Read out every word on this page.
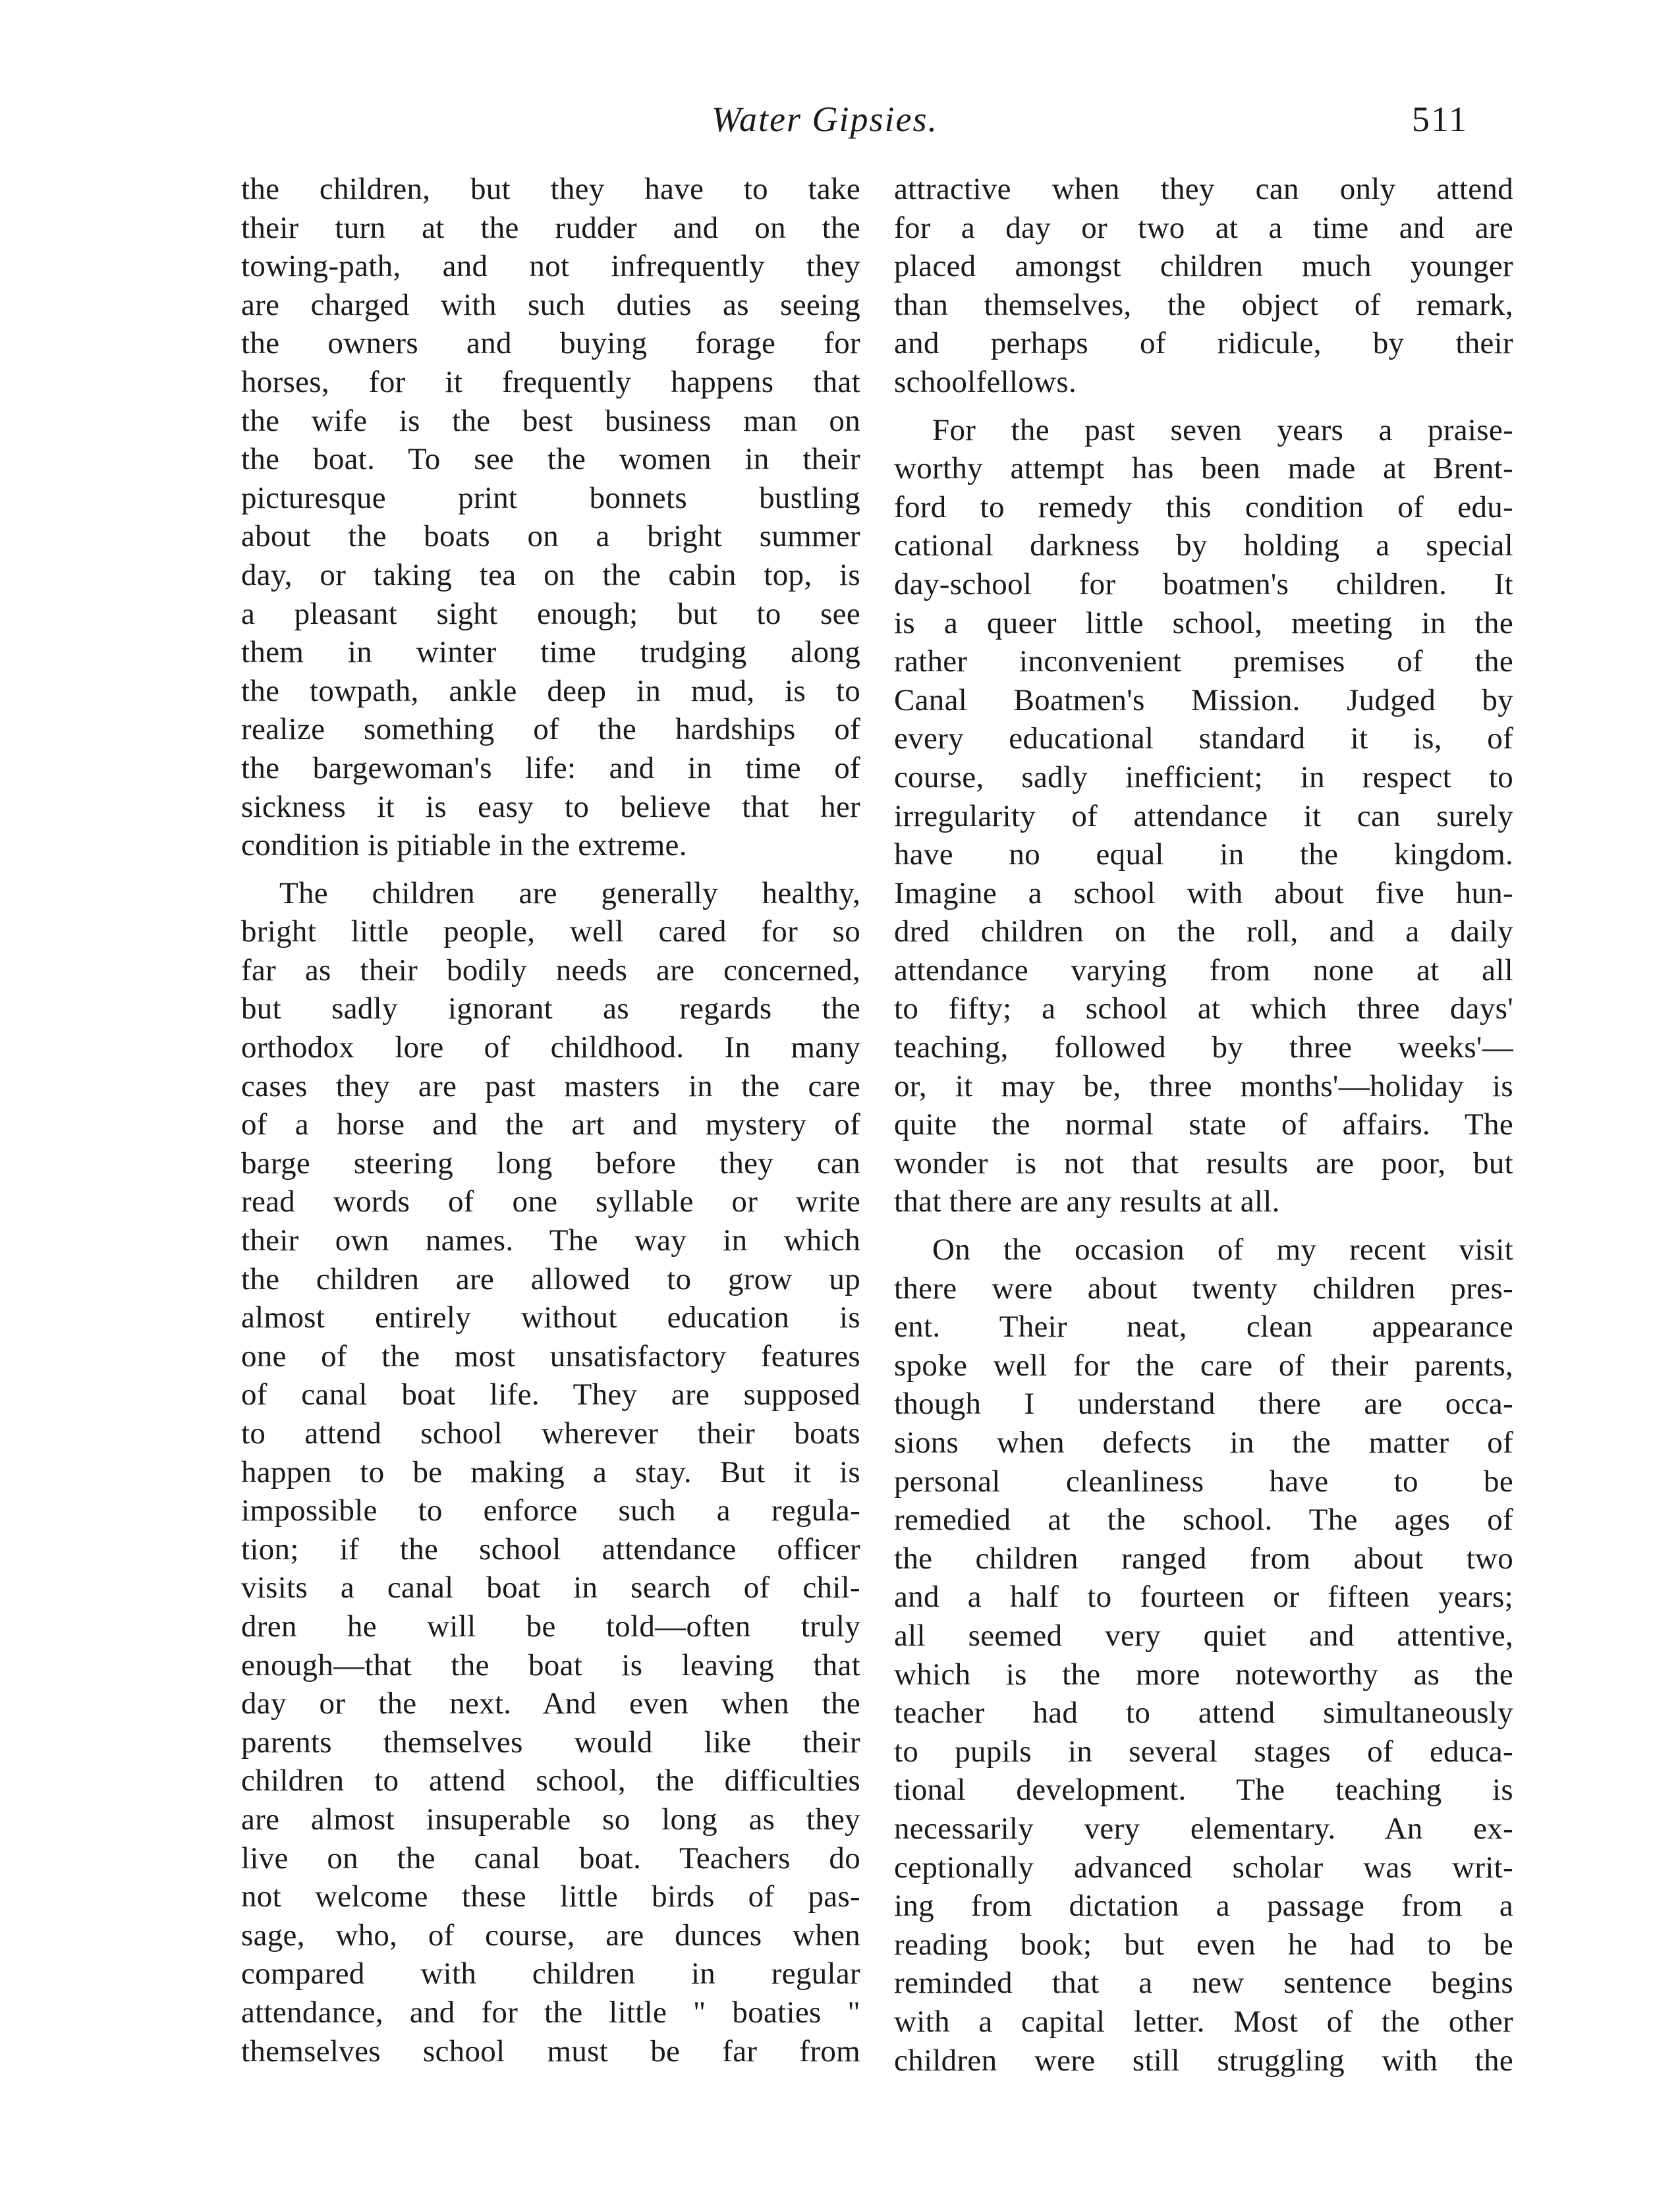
Water Gipsies.	511
the children, but they have to take
their turn at the rudder and on the
towing-path, and not infrequently they
are charged with such duties as seeing
the owners and buying forage for
horses, for it frequently happens that
the wife is the best business man on
the boat. To see the women in their
picturesque print bonnets bustling
about the boats on a bright summer
day, or taking tea on the cabin top, is
a pleasant sight enough; but to see
them in winter time trudging along
the towpath, ankle deep in mud, is to
realize something of the hardships of
the bargewoman's life: and in time of
sickness it is easy to believe that her
condition is pitiable in the extreme.
The children are generally healthy,
bright little people, well cared for so
far as their bodily needs are concerned,
but sadly ignorant as regards the
orthodox lore of childhood. In many
cases they are past masters in the care
of a horse and the art and mystery of
barge steering long before they can
read words of one syllable or write
their own names. The way in which
the children are allowed to grow up
almost entirely without education is
one of the most unsatisfactory features
of canal boat life. They are supposed
to attend school wherever their boats
happen to be making a stay. But it is
impossible to enforce such a regula-
tion; if the school attendance officer
visits a canal boat in search of chil-
dren he will be told—often truly
enough—that the boat is leaving that
day or the next. And even when the
parents themselves would like their
children to attend school, the difficulties
are almost insuperable so long as they
live on the canal boat. Teachers do
not welcome these little birds of pas-
sage, who, of course, are dunces when
compared with children in regular
attendance, and for the little " boaties "
themselves school must be far from
attractive when they can only attend
for a day or two at a time and are
placed amongst children much younger
than themselves, the object of remark,
and perhaps of ridicule, by their
schoolfellows.
For the past seven years a praise-
worthy attempt has been made at Brent-
ford to remedy this condition of edu-
cational darkness by holding a special
day-school for boatmen's children. It
is a queer little school, meeting in the
rather inconvenient premises of the
Canal Boatmen's Mission. Judged by
every educational standard it is, of
course, sadly inefficient; in respect to
irregularity of attendance it can surely
have no equal in the kingdom.
Imagine a school with about five hun-
dred children on the roll, and a daily
attendance varying from none at all
to fifty; a school at which three days'
teaching, followed by three weeks'—
or, it may be, three months'—holiday is
quite the normal state of affairs. The
wonder is not that results are poor, but
that there are any results at all.
On the occasion of my recent visit
there were about twenty children pres-
ent. Their neat, clean appearance
spoke well for the care of their parents,
though I understand there are occa-
sions when defects in the matter of
personal cleanliness have to be
remedied at the school. The ages of
the children ranged from about two
and a half to fourteen or fifteen years;
all seemed very quiet and attentive,
which is the more noteworthy as the
teacher had to attend simultaneously
to pupils in several stages of educa-
tional development. The teaching is
necessarily very elementary. An ex-
ceptionally advanced scholar was writ-
ing from dictation a passage from a
reading book; but even he had to be
reminded that a new sentence begins
with a capital letter. Most of the other
children were still struggling with the
